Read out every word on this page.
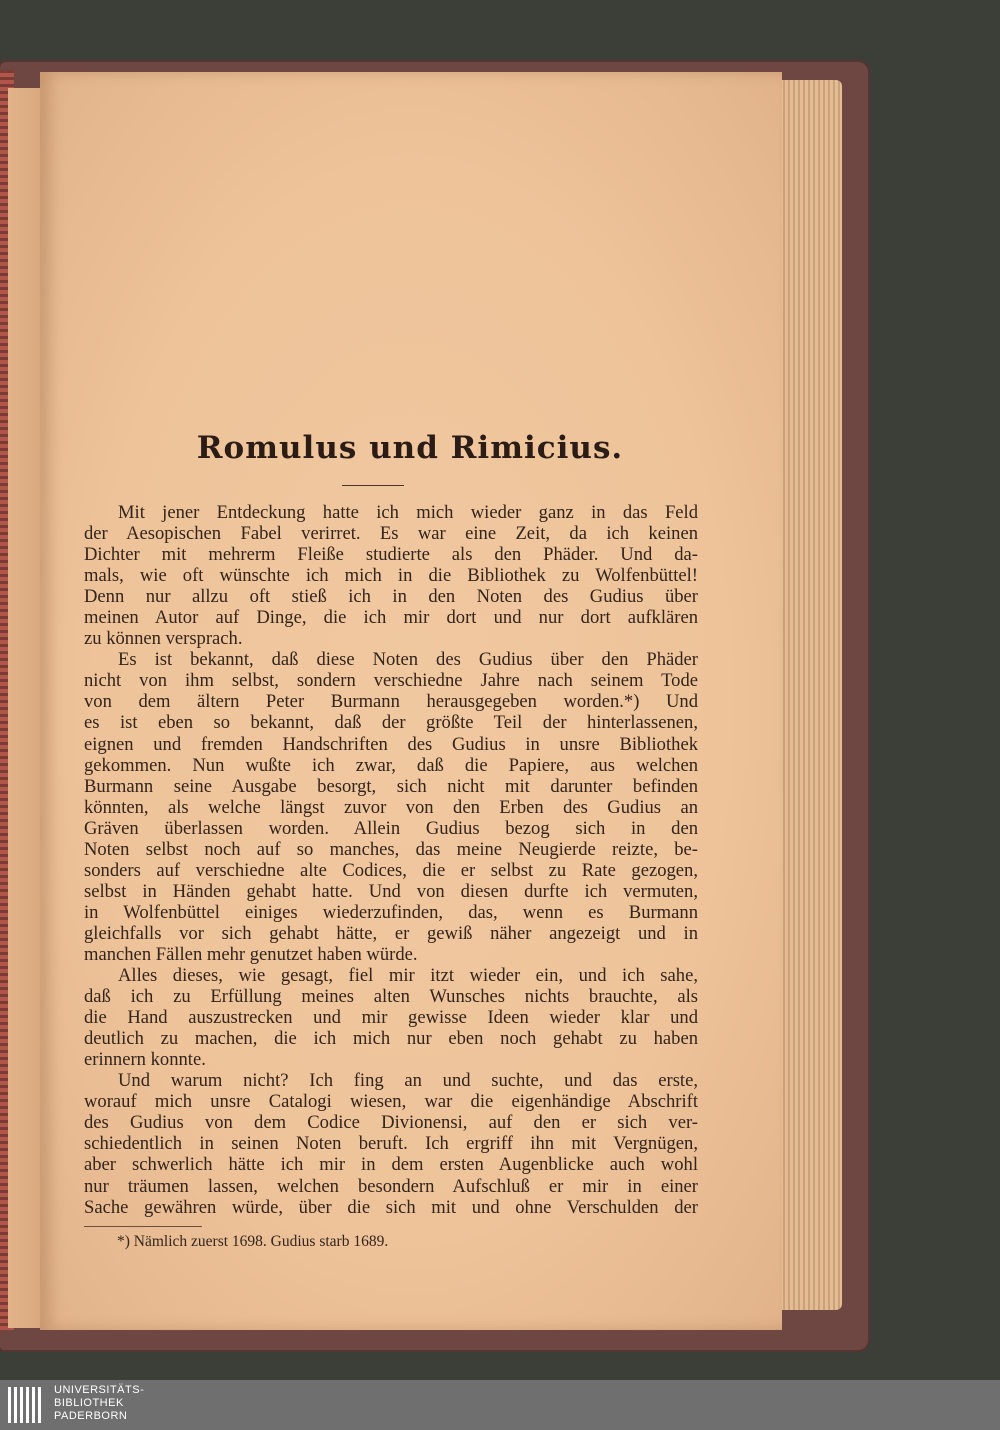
Romulus und Rimicius.
Mit jener Entdeckung hatte ich mich wieder ganz in das Feld
der Aesopischen Fabel verirret. Es war eine Zeit, da ich keinen
Dichter mit mehrerm Fleiße studierte als den Phäder. Und da-
mals, wie oft wünschte ich mich in die Bibliothek zu Wolfenbüttel!
Denn nur allzu oft stieß ich in den Noten des Gudius über
meinen Autor auf Dinge, die ich mir dort und nur dort aufklären
zu können versprach.
Es ist bekannt, daß diese Noten des Gudius über den Phäder
nicht von ihm selbst, sondern verschiedne Jahre nach seinem Tode
von dem ältern Peter Burmann herausgegeben worden.*) Und
es ist eben so bekannt, daß der größte Teil der hinterlassenen,
eignen und fremden Handschriften des Gudius in unsre Bibliothek
gekommen. Nun wußte ich zwar, daß die Papiere, aus welchen
Burmann seine Ausgabe besorgt, sich nicht mit darunter befinden
könnten, als welche längst zuvor von den Erben des Gudius an
Gräven überlassen worden. Allein Gudius bezog sich in den
Noten selbst noch auf so manches, das meine Neugierde reizte, be-
sonders auf verschiedne alte Codices, die er selbst zu Rate gezogen,
selbst in Händen gehabt hatte. Und von diesen durfte ich vermuten,
in Wolfenbüttel einiges wiederzufinden, das, wenn es Burmann
gleichfalls vor sich gehabt hätte, er gewiß näher angezeigt und in
manchen Fällen mehr genutzet haben würde.
Alles dieses, wie gesagt, fiel mir itzt wieder ein, und ich sahe,
daß ich zu Erfüllung meines alten Wunsches nichts brauchte, als
die Hand auszustrecken und mir gewisse Ideen wieder klar und
deutlich zu machen, die ich mich nur eben noch gehabt zu haben
erinnern konnte.
Und warum nicht? Ich fing an und suchte, und das erste,
worauf mich unsre Catalogi wiesen, war die eigenhändige Abschrift
des Gudius von dem Codice Divionensi, auf den er sich ver-
schiedentlich in seinen Noten beruft. Ich ergriff ihn mit Vergnügen,
aber schwerlich hätte ich mir in dem ersten Augenblicke auch wohl
nur träumen lassen, welchen besondern Aufschluß er mir in einer
Sache gewähren würde, über die sich mit und ohne Verschulden der

*) Nämlich zuerst 1698. Gudius starb 1689.

UNIVERSITÄTS-
BIBLIOTHEK
PADERBORN
